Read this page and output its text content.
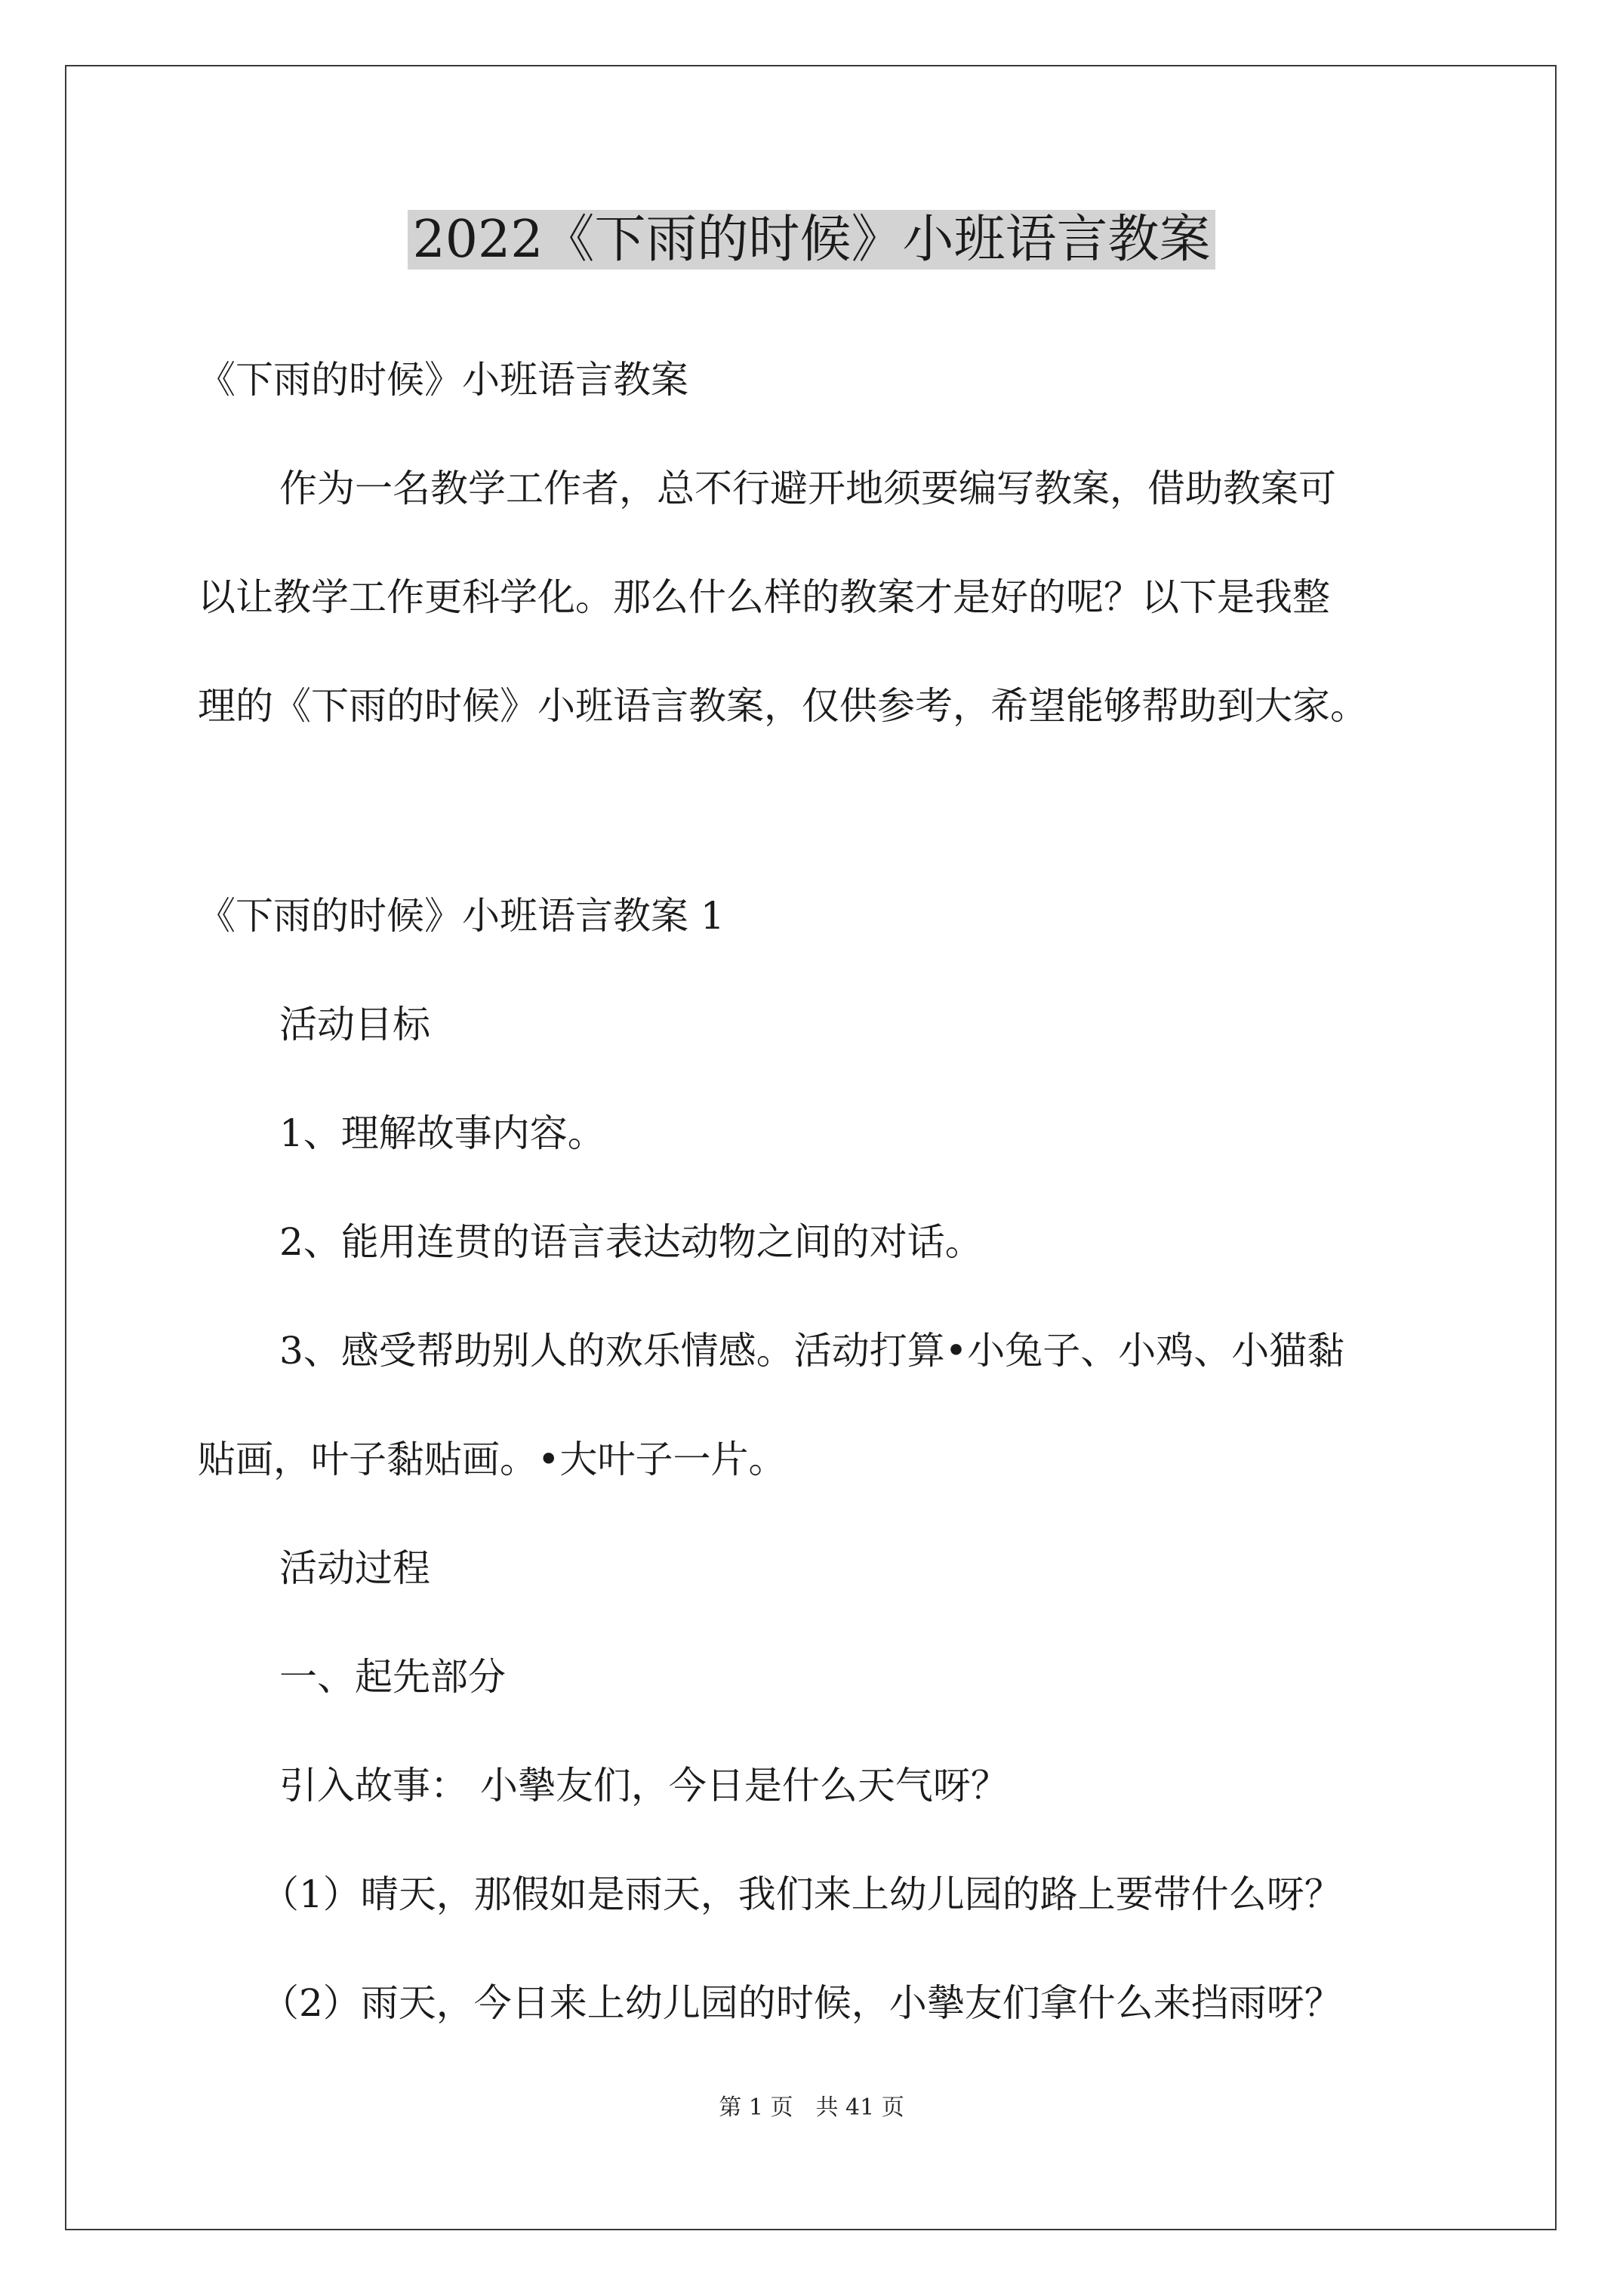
2022《下雨的时候》小班语言教案
《下雨的时候》小班语言教案
作为一名教学工作者，总不行避开地须要编写教案，借助教案可
以让教学工作更科学化。那么什么样的教案才是好的呢？以下是我整
理的《下雨的时候》小班语言教案，仅供参考，希望能够帮助到大家。
《下雨的时候》小班语言教案 1
活动目标
1、理解故事内容。
2、能用连贯的语言表达动物之间的对话。
3、感受帮助别人的欢乐情感。活动打算•小兔子、小鸡、小猫黏
贴画，叶子黏贴画。•大叶子一片。
活动过程
一、起先部分
引入故事： 小摰友们，今日是什么天气呀？
（1）晴天，那假如是雨天，我们来上幼儿园的路上要带什么呀？
（2）雨天，今日来上幼儿园的时候，小摰友们拿什么来挡雨呀？
第 1 页　共 41 页
